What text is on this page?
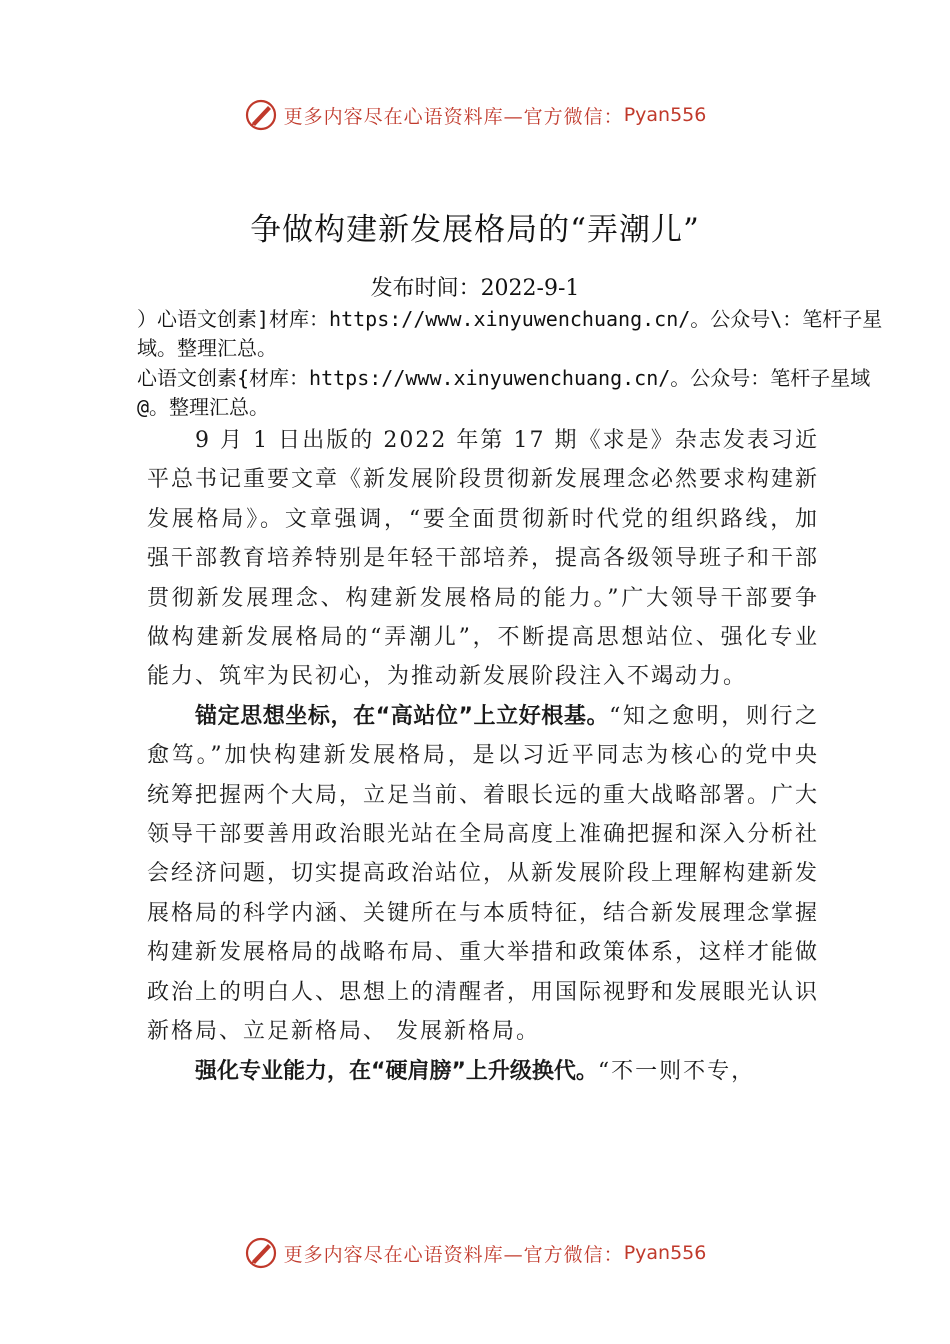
更多内容尽在心语资料库 —官方微信： Pyan556
争做构建新发展格局的“弄潮儿”
发布时间：2022-9-1
）心语文创素]材库：https://www.xinyuwenchuang.cn/。公众号\：笔杆子星域。整理汇总。
心语文创素{材库：https://www.xinyuwenchuang.cn/。公众号：笔杆子星域@。整理汇总。

9 月 1 日出版的 2022 年第 17 期《求是》杂志发表习近平总书记重要文章《新发展阶段贯彻新发展理念必然要求构建新发展格局》。文章强调，“要全面贯彻新时代党的组织路线，加强干部教育培养特别是年轻干部培养，提高各级领导班子和干部贯彻新发展理念、构建新发展格局的能力。”广大领导干部要争做构建新发展格局的“弄潮儿”，不断提高思想站位、强化专业能力、筑牢为民初心，为推动新发展阶段注入不竭动力。

锚定思想坐标，在“高站位”上立好根基。“知之愈明，则行之愈笃。”加快构建新发展格局，是以习近平同志为核心的党中央统筹把握两个大局，立足当前、着眼长远的重大战略部署。广大领导干部要善用政治眼光站在全局高度上准确把握和深入分析社会经济问题，切实提高政治站位，从新发展阶段上理解构建新发展格局的科学内涵、关键所在与本质特征，结合新发展理念掌握构建新发展格局的战略布局、重大举措和政策体系，这样才能做政治上的明白人、思想上的清醒者，用国际视野和发展眼光认识新格局、立足新格局、 发展新格局。

强化专业能力，在“硬肩膀”上升级换代。“不一则不专，

更多内容尽在心语资料库 —官方微信： Pyan556
